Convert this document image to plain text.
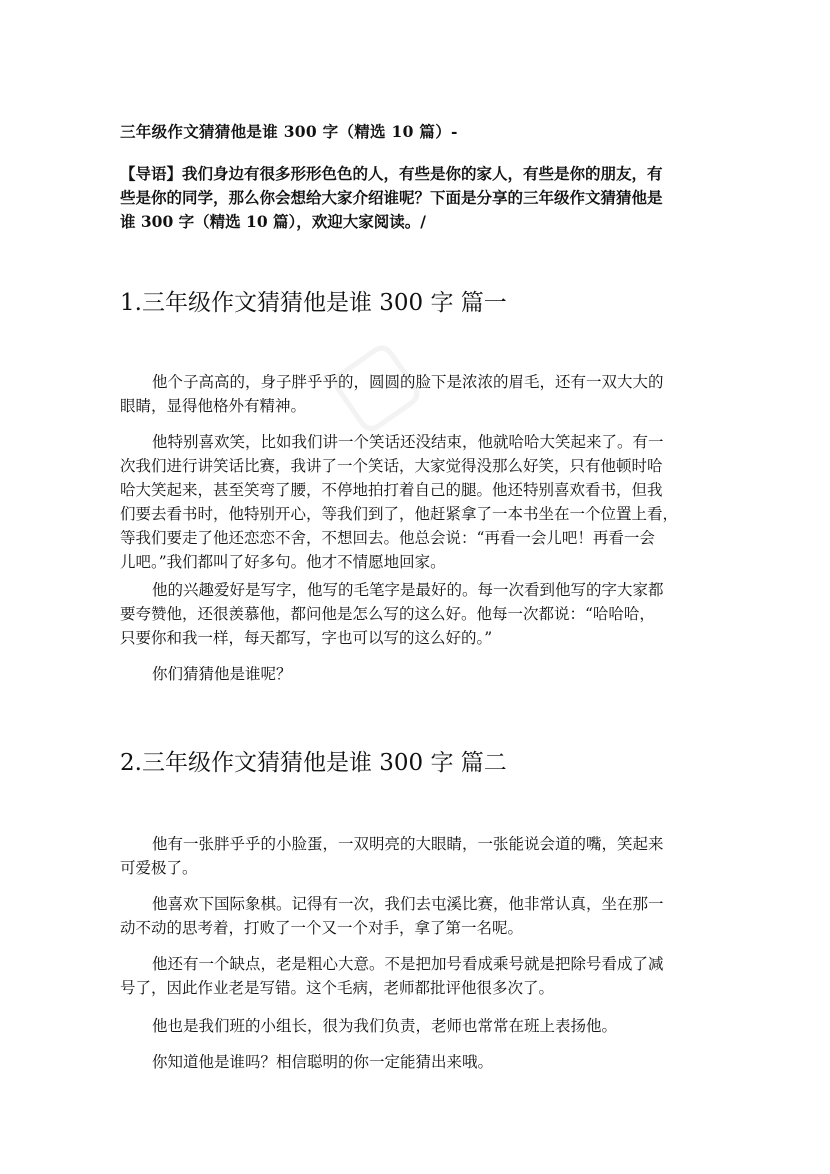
▢
三年级作文猜猜他是谁 300 字（精选 10 篇）-

【导语】我们身边有很多形形色色的人，有些是你的家人，有些是你的朋友，有

些是你的同学，那么你会想给大家介绍谁呢？下面是分享的三年级作文猜猜他是

谁 300 字（精选 10 篇），欢迎大家阅读。/

1.三年级作文猜猜他是谁 300 字 篇一

他个子高高的，身子胖乎乎的，圆圆的脸下是浓浓的眉毛，还有一双大大的

眼睛，显得他格外有精神。

他特别喜欢笑，比如我们讲一个笑话还没结束，他就哈哈大笑起来了。有一

次我们进行讲笑话比赛，我讲了一个笑话，大家觉得没那么好笑，只有他顿时哈

哈大笑起来，甚至笑弯了腰，不停地拍打着自己的腿。他还特别喜欢看书，但我

们要去看书时，他特别开心，等我们到了，他赶紧拿了一本书坐在一个位置上看，

等我们要走了他还恋恋不舍，不想回去。他总会说：“再看一会儿吧！再看一会

儿吧。”我们都叫了好多句。他才不情愿地回家。

他的兴趣爱好是写字，他写的毛笔字是最好的。每一次看到他写的字大家都

要夸赞他，还很羡慕他，都问他是怎么写的这么好。他每一次都说：“哈哈哈，

只要你和我一样，每天都写，字也可以写的这么好的。”

你们猜猜他是谁呢？

2.三年级作文猜猜他是谁 300 字 篇二

他有一张胖乎乎的小脸蛋，一双明亮的大眼睛，一张能说会道的嘴，笑起来

可爱极了。

他喜欢下国际象棋。记得有一次，我们去屯溪比赛，他非常认真，坐在那一

动不动的思考着，打败了一个又一个对手，拿了第一名呢。

他还有一个缺点，老是粗心大意。不是把加号看成乘号就是把除号看成了减

号了，因此作业老是写错。这个毛病，老师都批评他很多次了。

他也是我们班的小组长，很为我们负责，老师也常常在班上表扬他。

你知道他是谁吗？相信聪明的你一定能猜出来哦。
